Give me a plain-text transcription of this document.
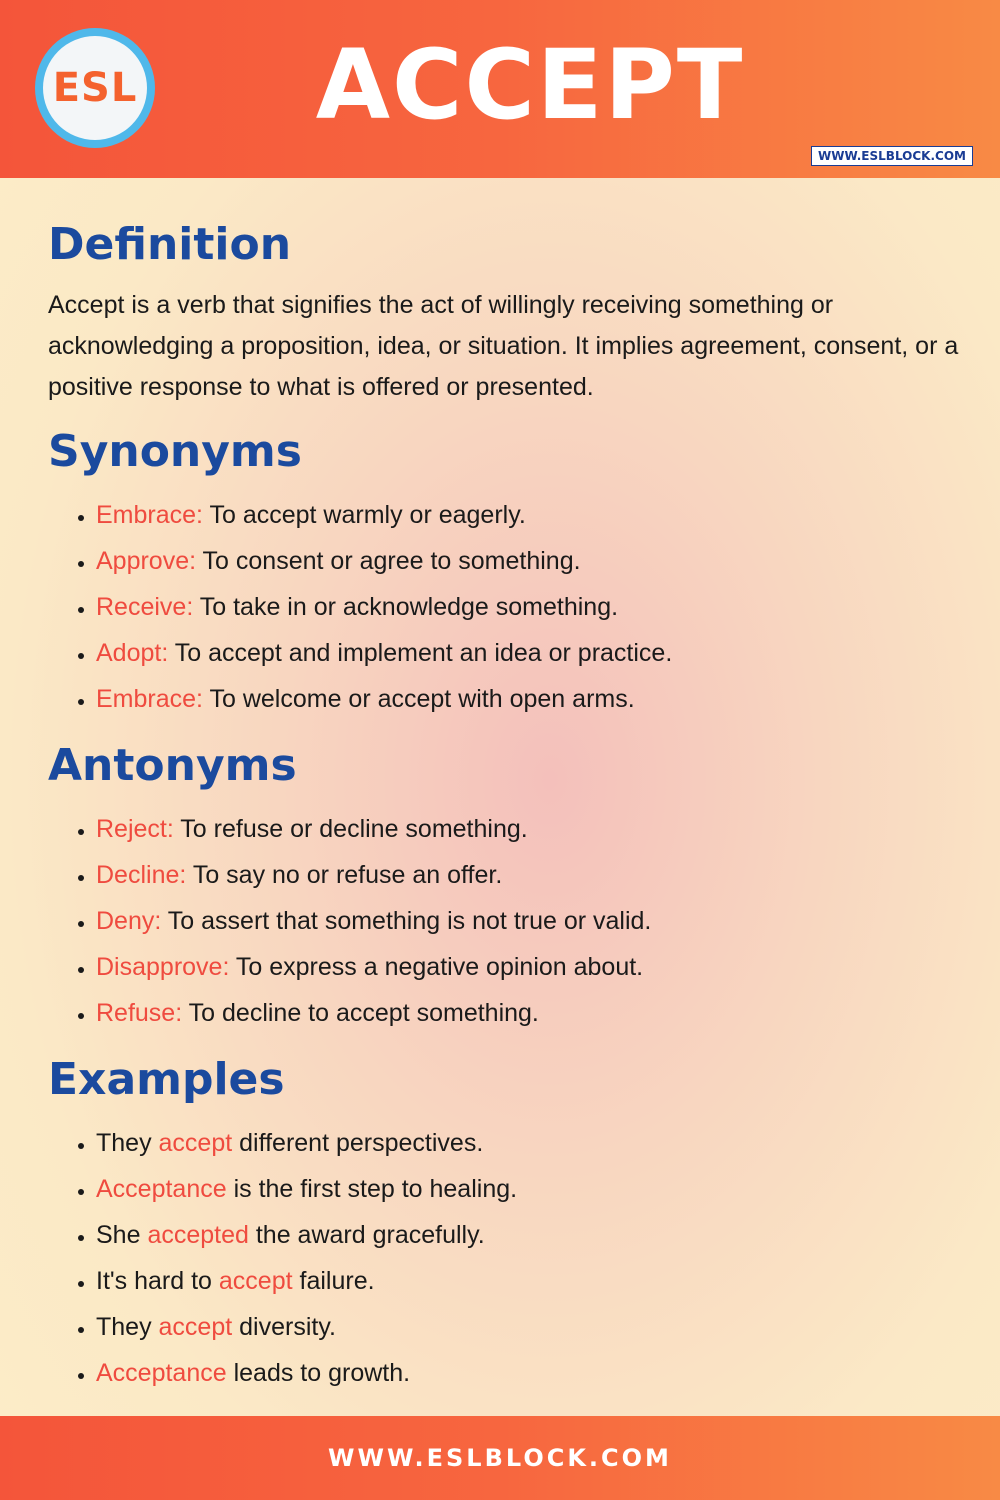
ESL	ACCEPT
WWW.ESLBLOCK.COM
Definition

Accept is a verb that signifies the act of willingly receiving something or acknowledging a proposition, idea, or situation. It implies agreement, consent, or a positive response to what is offered or presented.

Synonyms
• Embrace: To accept warmly or eagerly.
• Approve: To consent or agree to something.
• Receive: To take in or acknowledge something.
• Adopt: To accept and implement an idea or practice.
• Embrace: To welcome or accept with open arms.
Antonyms
• Reject: To refuse or decline something.
• Decline: To say no or refuse an offer.
• Deny: To assert that something is not true or valid.
• Disapprove: To express a negative opinion about.
• Refuse: To decline to accept something.
Examples
• They accept different perspectives.
• Acceptance is the first step to healing.
• She accepted the award gracefully.
• It's hard to accept failure.
• They accept diversity.
• Acceptance leads to growth.
WWW.ESLBLOCK.COM
